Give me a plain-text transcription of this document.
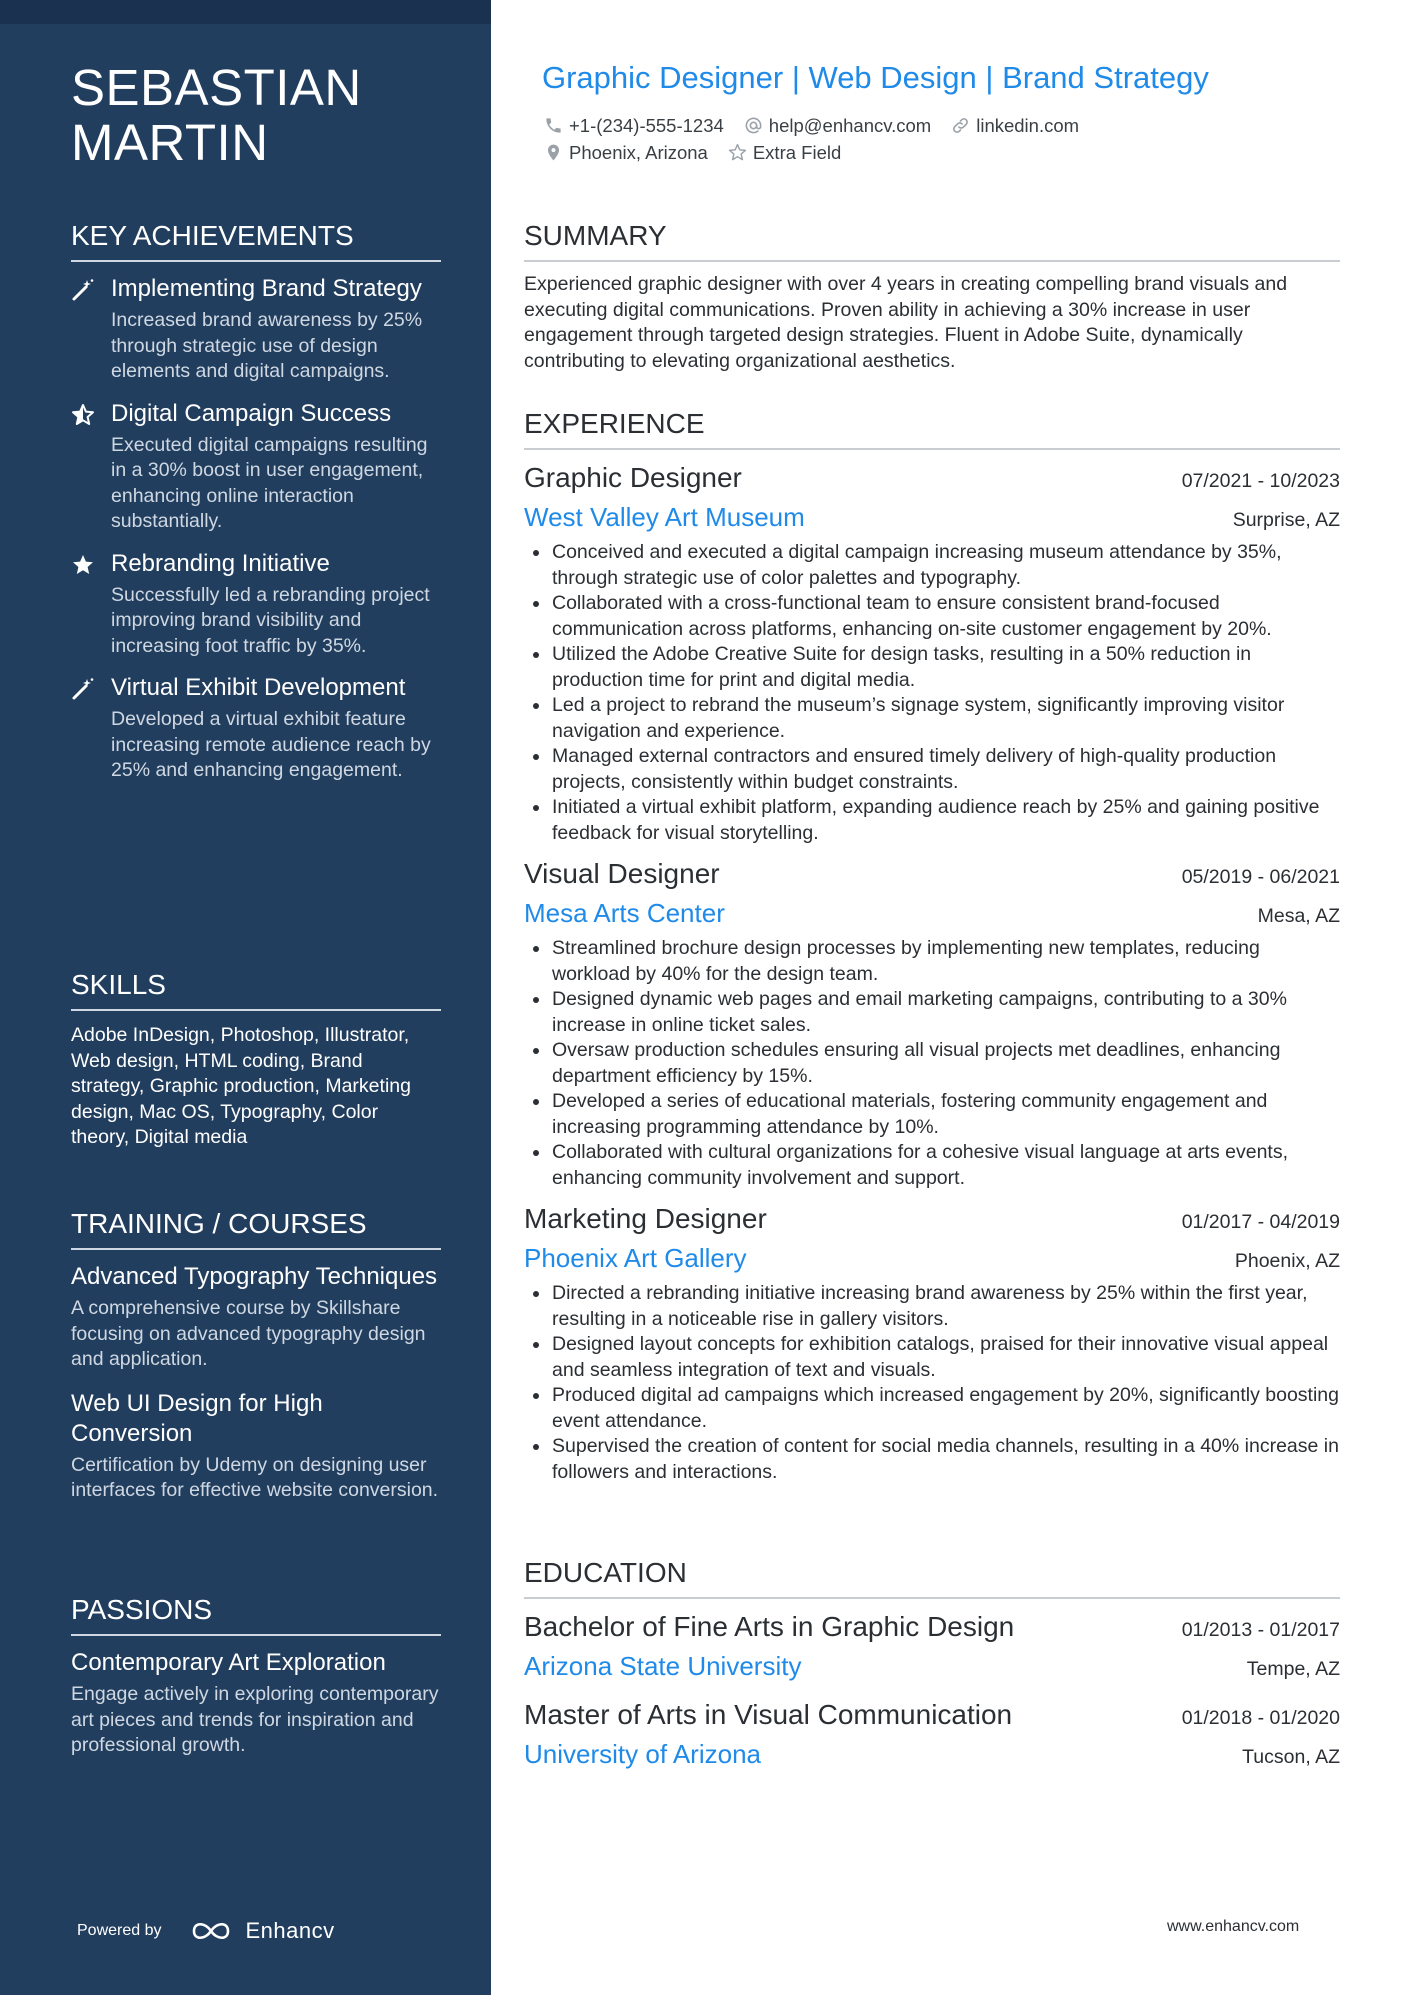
SEBASTIAN MARTIN
KEY ACHIEVEMENTS
Implementing Brand Strategy
Increased brand awareness by 25% through strategic use of design elements and digital campaigns.
Digital Campaign Success
Executed digital campaigns resulting in a 30% boost in user engagement, enhancing online interaction substantially.
Rebranding Initiative
Successfully led a rebranding project improving brand visibility and increasing foot traffic by 35%.
Virtual Exhibit Development
Developed a virtual exhibit feature increasing remote audience reach by 25% and enhancing engagement.
SKILLS
Adobe InDesign, Photoshop, Illustrator, Web design, HTML coding, Brand strategy, Graphic production, Marketing design, Mac OS, Typography, Color theory, Digital media
TRAINING / COURSES
Advanced Typography Techniques
A comprehensive course by Skillshare focusing on advanced typography design and application.
Web UI Design for High Conversion
Certification by Udemy on designing user interfaces for effective website conversion.
PASSIONS
Contemporary Art Exploration
Engage actively in exploring contemporary art pieces and trends for inspiration and professional growth.
Powered by	Enhancv
Graphic Designer | Web Design | Brand Strategy
+1-(234)-555-1234 help@enhancv.com linkedin.com
Phoenix, Arizona Extra Field
SUMMARY
Experienced graphic designer with over 4 years in creating compelling brand visuals and executing digital communications. Proven ability in achieving a 30% increase in user engagement through targeted design strategies. Fluent in Adobe Suite, dynamically contributing to elevating organizational aesthetics.
EXPERIENCE
Graphic Designer	07/2021 - 10/2023
West Valley Art Museum	Surprise, AZ
Conceived and executed a digital campaign increasing museum attendance by 35%, through strategic use of color palettes and typography.
Collaborated with a cross-functional team to ensure consistent brand-focused communication across platforms, enhancing on-site customer engagement by 20%.
Utilized the Adobe Creative Suite for design tasks, resulting in a 50% reduction in production time for print and digital media.
Led a project to rebrand the museum’s signage system, significantly improving visitor navigation and experience.
Managed external contractors and ensured timely delivery of high-quality production projects, consistently within budget constraints.
Initiated a virtual exhibit platform, expanding audience reach by 25% and gaining positive feedback for visual storytelling.
Visual Designer	05/2019 - 06/2021
Mesa Arts Center	Mesa, AZ
Streamlined brochure design processes by implementing new templates, reducing workload by 40% for the design team.
Designed dynamic web pages and email marketing campaigns, contributing to a 30% increase in online ticket sales.
Oversaw production schedules ensuring all visual projects met deadlines, enhancing department efficiency by 15%.
Developed a series of educational materials, fostering community engagement and increasing programming attendance by 10%.
Collaborated with cultural organizations for a cohesive visual language at arts events, enhancing community involvement and support.
Marketing Designer	01/2017 - 04/2019
Phoenix Art Gallery	Phoenix, AZ
Directed a rebranding initiative increasing brand awareness by 25% within the first year, resulting in a noticeable rise in gallery visitors.
Designed layout concepts for exhibition catalogs, praised for their innovative visual appeal and seamless integration of text and visuals.
Produced digital ad campaigns which increased engagement by 20%, significantly boosting event attendance.
Supervised the creation of content for social media channels, resulting in a 40% increase in followers and interactions.
EDUCATION
Bachelor of Fine Arts in Graphic Design	01/2013 - 01/2017
Arizona State University	Tempe, AZ
Master of Arts in Visual Communication	01/2018 - 01/2020
University of Arizona	Tucson, AZ
www.enhancv.com
